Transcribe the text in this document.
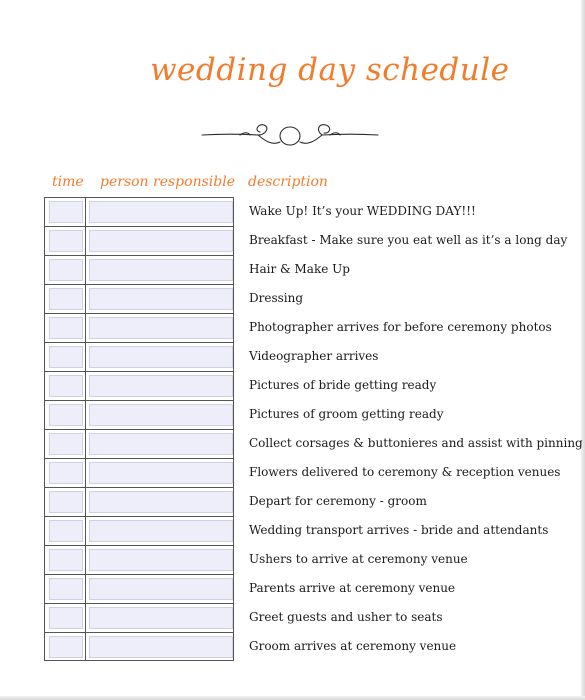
wedding day schedule
time person responsible description
Wake Up! It’s your WEDDING DAY!!!
Breakfast - Make sure you eat well as it’s a long day
Hair & Make Up
Dressing
Photographer arrives for before ceremony photos
Videographer arrives
Pictures of bride getting ready
Pictures of groom getting ready
Collect corsages & buttonieres and assist with pinning
Flowers delivered to ceremony & reception venues
Depart for ceremony - groom
Wedding transport arrives - bride and attendants
Ushers to arrive at ceremony venue
Parents arrive at ceremony venue
Greet guests and usher to seats
Groom arrives at ceremony venue
